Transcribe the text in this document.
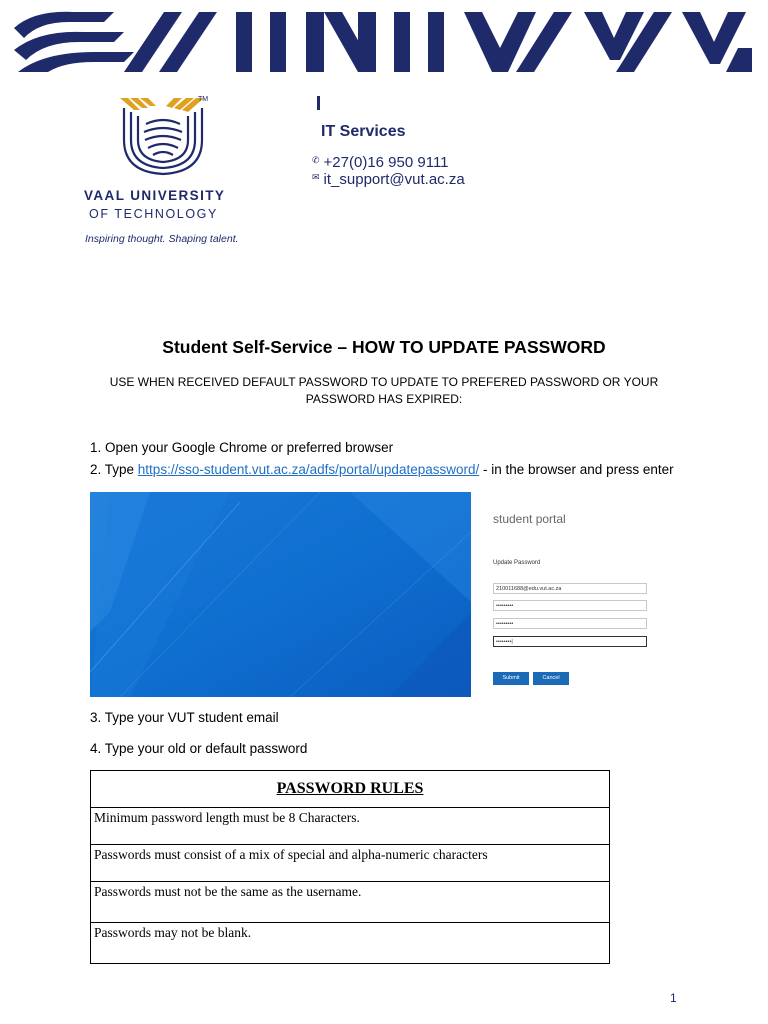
TM
VAAL UNIVERSITY
OF TECHNOLOGY
Inspiring thought. Shaping talent.
IT Services
✆ +27(0)16 950 9111
✉ it_support@vut.ac.za
Student Self-Service – HOW TO UPDATE PASSWORD
USE WHEN RECEIVED DEFAULT PASSWORD TO UPDATE TO PREFERED PASSWORD OR YOUR PASSWORD HAS EXPIRED:
1. Open your Google Chrome or preferred browser
2. Type https://sso-student.vut.ac.za/adfs/portal/updatepassword/ - in the browser and press enter
student portal
Update Password
210011688@edu.vut.ac.za
•••••••••
•••••••••
••••••••|
Submit	Cancel
3. Type your VUT student email
4. Type your old or default password
PASSWORD RULES
Minimum password length must be 8 Characters.
Passwords must consist of a mix of special and alpha-numeric characters
Passwords must not be the same as the username.
Passwords may not be blank.
1
